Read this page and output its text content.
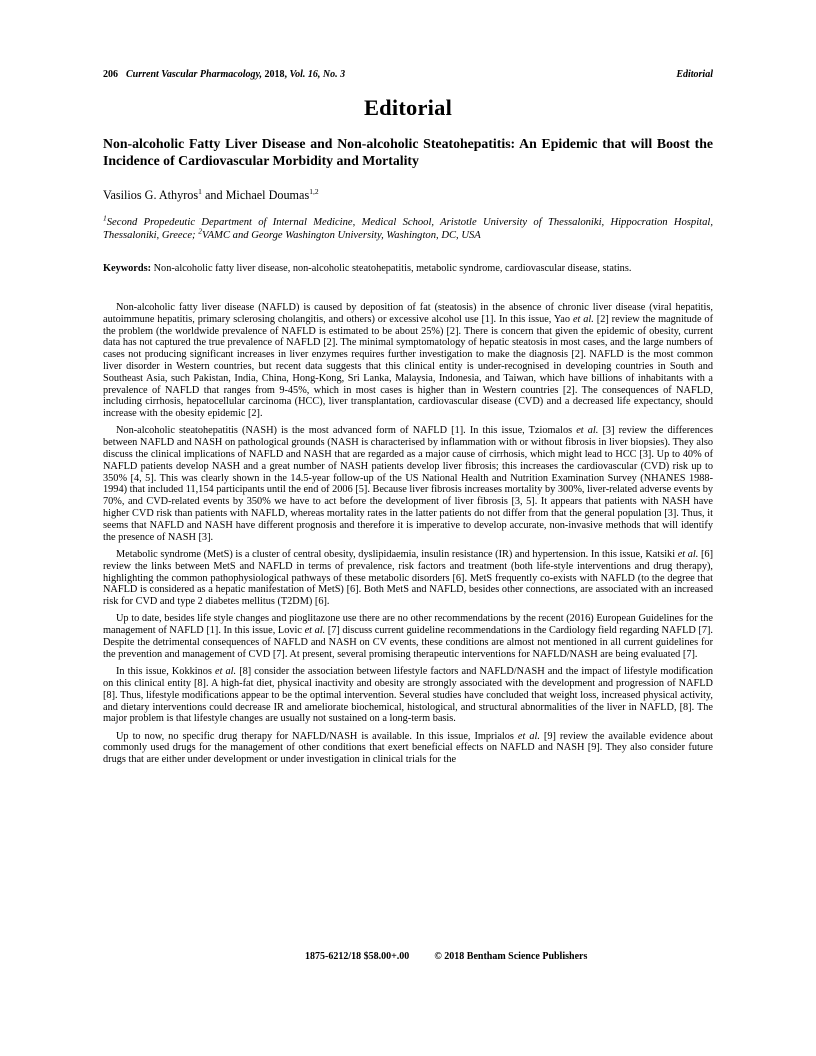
206 Current Vascular Pharmacology, 2018, Vol. 16, No. 3	Editorial
Editorial
Non-alcoholic Fatty Liver Disease and Non-alcoholic Steatohepatitis: An Epidemic that will Boost the Incidence of Cardiovascular Morbidity and Mortality

Vasilios G. Athyros$^1$ and Michael Doumas$^{1,2}$

$^1$Second Propedeutic Department of Internal Medicine, Medical School, Aristotle University of Thessaloniki, Hippocration Hospital, Thessaloniki, Greece; $^2$VAMC and George Washington University, Washington, DC, USA

Keywords: Non-alcoholic fatty liver disease, non-alcoholic steatohepatitis, metabolic syndrome, cardiovascular disease, statins.

Non-alcoholic fatty liver disease (NAFLD) is caused by deposition of fat (steatosis) in the absence of chronic liver disease (viral hepatitis, autoimmune hepatitis, primary sclerosing cholangitis, and others) or excessive alcohol use [1]. In this issue, Yao et al. [2] review the magnitude of the problem (the worldwide prevalence of NAFLD is estimated to be about 25%) [2]. There is concern that given the epidemic of obesity, current data has not captured the true prevalence of NAFLD [2]. The minimal symptomatology of hepatic steatosis in most cases, and the large numbers of cases not producing significant increases in liver enzymes requires further investigation to make the diagnosis [2]. NAFLD is the most common liver disorder in Western countries, but recent data suggests that this clinical entity is under-recognised in developing countries in South and Southeast Asia, such Pakistan, India, China, Hong-Kong, Sri Lanka, Malaysia, Indonesia, and Taiwan, which have billions of inhabitants with a prevalence of NAFLD that ranges from 9-45%, which in most cases is higher than in Western countries [2]. The consequences of NAFLD, including cirrhosis, hepatocellular carcinoma (HCC), liver transplantation, cardiovascular disease (CVD) and a decreased life expectancy, should increase with the obesity epidemic [2].

Non-alcoholic steatohepatitis (NASH) is the most advanced form of NAFLD [1]. In this issue, Tziomalos et al. [3] review the differences between NAFLD and NASH on pathological grounds (NASH is characterised by inflammation with or without fibrosis in liver biopsies). They also discuss the clinical implications of NAFLD and NASH that are regarded as a major cause of cirrhosis, which might lead to HCC [3]. Up to 40% of NAFLD patients develop NASH and a great number of NASH patients develop liver fibrosis; this increases the cardiovascular (CVD) risk up to 350% [4, 5]. This was clearly shown in the 14.5-year follow-up of the US National Health and Nutrition Examination Survey (NHANES 1988-1994) that included 11,154 participants until the end of 2006 [5]. Because liver fibrosis increases mortality by 300%, liver-related adverse events by 70%, and CVD-related events by 350% we have to act before the development of liver fibrosis [3, 5]. It appears that patients with NASH have higher CVD risk than patients with NAFLD, whereas mortality rates in the latter patients do not differ from that the general population [3]. Thus, it seems that NAFLD and NASH have different prognosis and therefore it is imperative to develop accurate, non-invasive methods that will identify the presence of NASH [3].

Metabolic syndrome (MetS) is a cluster of central obesity, dyslipidaemia, insulin resistance (IR) and hypertension. In this issue, Katsiki et al. [6] review the links between MetS and NAFLD in terms of prevalence, risk factors and treatment (both life-style interventions and drug therapy), highlighting the common pathophysiological pathways of these metabolic disorders [6]. MetS frequently co-exists with NAFLD (to the degree that NAFLD is considered as a hepatic manifestation of MetS) [6]. Both MetS and NAFLD, besides other connections, are associated with an increased risk for CVD and type 2 diabetes mellitus (T2DM) [6].

Up to date, besides life style changes and pioglitazone use there are no other recommendations by the recent (2016) European Guidelines for the management of NAFLD [1]. In this issue, Lovic et al. [7] discuss current guideline recommendations in the Cardiology field regarding NAFLD [7]. Despite the detrimental consequences of NAFLD and NASH on CV events, these conditions are almost not mentioned in all current guidelines for the prevention and management of CVD [7]. At present, several promising therapeutic interventions for NAFLD/NASH are being evaluated [7].

In this issue, Kokkinos et al. [8] consider the association between lifestyle factors and NAFLD/NASH and the impact of lifestyle modification on this clinical entity [8]. A high-fat diet, physical inactivity and obesity are strongly associated with the development and progression of NAFLD [8]. Thus, lifestyle modifications appear to be the optimal intervention. Several studies have concluded that weight loss, increased physical activity, and dietary interventions could decrease IR and ameliorate biochemical, histological, and structural abnormalities of the liver in NAFLD, [8]. The major problem is that lifestyle changes are usually not sustained on a long-term basis.

Up to now, no specific drug therapy for NAFLD/NASH is available. In this issue, Imprialos et al. [9] review the available evidence about commonly used drugs for the management of other conditions that exert beneficial effects on NAFLD and NASH [9]. They also consider future drugs that are either under development or under investigation in clinical trials for the

1875-6212/18 $58.00+.00	© 2018 Bentham Science Publishers
